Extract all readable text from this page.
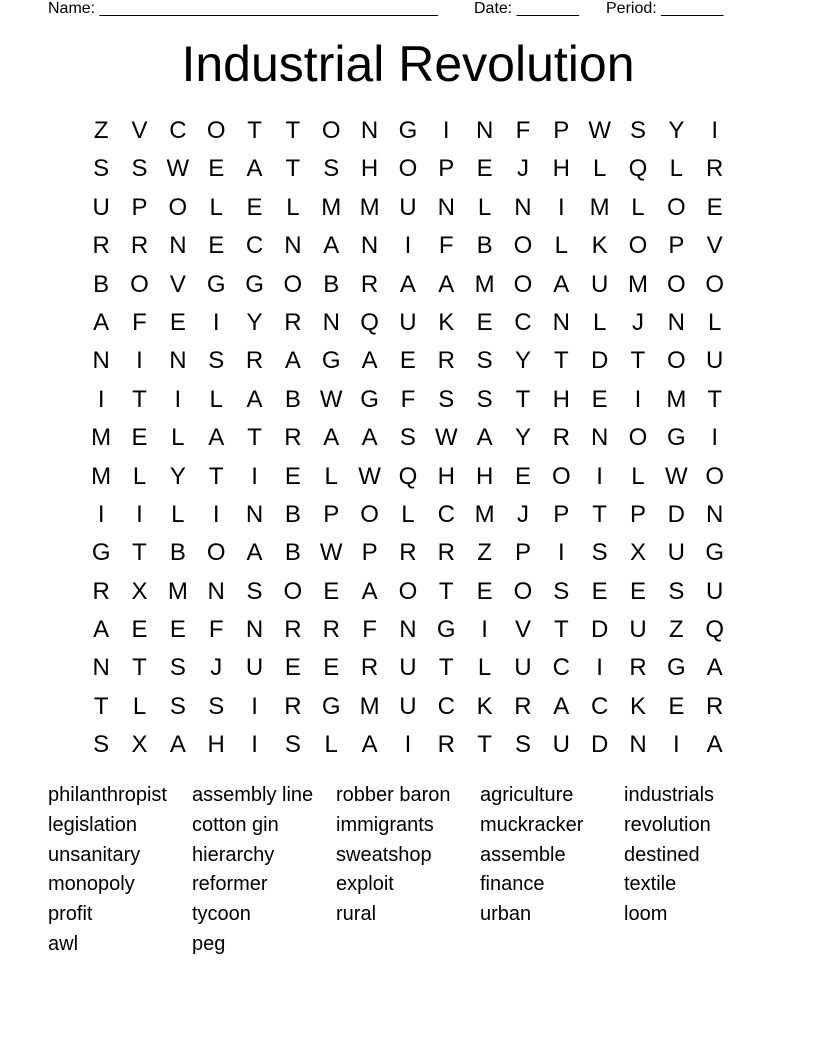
Name: ______________________________________ Date: _______ Period: _______
Industrial Revolution
Z V C O T T O N G	I	N F P W S Y	I
S S W E A T S H O P E	J H L Q L R
U P O L E L M M U N L N	I	M L O E
R R N E C N A N	I	F B O L K O P V
B O V G G O B R A A M O A U M O O
A F E	I	Y R N Q U K E C N L	J N L
N	I	N S R A G A E R S Y T D T O U
I	T	I	L A B W G F S S T H E	I	M T
M E L A T R A A S W A Y R N O G	I
M L Y T	I	E L W Q H H E O	I	L W O
I	I	L	I	N B P O L C M J	P T P D N
G T B O A B W P R R Z P	I	S X U G
R X M N S O E A O T E O S E E S U
A E E F N R R F N G	I	V T D U Z Q
N T S	J U E E R U T	L U C	I	R G A
T	L S S	I	R G M U C K R A C K E R
S X A H	I	S L A	I	R T S U D N	I	A
philanthropist	assembly line	robber baron	agriculture	industrials
legislation	cotton gin	immigrants	muckracker	revolution
unsanitary	hierarchy	sweatshop	assemble	destined
monopoly	reformer	exploit	finance	textile
profit	tycoon	rural	urban	loom
awl	peg
